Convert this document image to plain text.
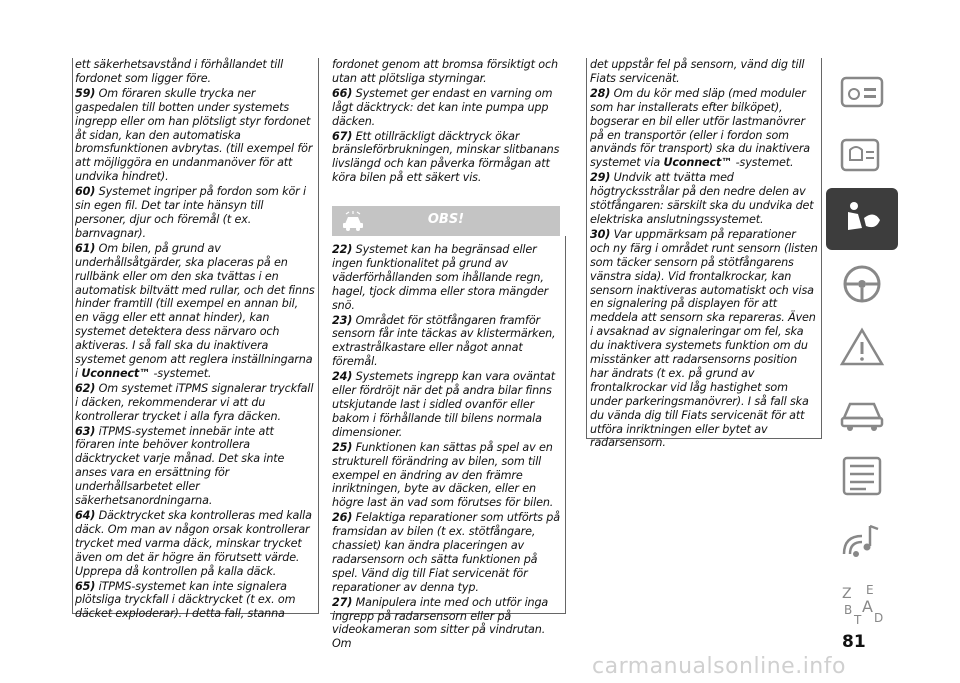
ett säkerhetsavstånd i förhållandet till fordonet som ligger före.

59) Om föraren skulle trycka ner gaspedalen till botten under systemets ingrepp eller om han plötsligt styr fordonet åt sidan, kan den automatiska bromsfunktionen avbrytas. (till exempel för att möjliggöra en undanmanöver för att undvika hindret).

60) Systemet ingriper på fordon som kör i sin egen fil. Det tar inte hänsyn till personer, djur och föremål (t ex. barnvagnar).

61) Om bilen, på grund av underhållsåtgärder, ska placeras på en rullbänk eller om den ska tvättas i en automatisk biltvätt med rullar, och det finns hinder framtill (till exempel en annan bil, en vägg eller ett annat hinder), kan systemet detektera dess närvaro och aktiveras. I så fall ska du inaktivera systemet genom att reglera inställningarna i Uconnect™ -systemet.

62) Om systemet iTPMS signalerar tryckfall i däcken, rekommenderar vi att du kontrollerar trycket i alla fyra däcken.

63) iTPMS-systemet innebär inte att föraren inte behöver kontrollera däcktrycket varje månad. Det ska inte anses vara en ersättning för underhållsarbetet eller säkerhetsanordningarna.

64) Däcktrycket ska kontrolleras med kalla däck. Om man av någon orsak kontrollerar trycket med varma däck, minskar trycket även om det är högre än förutsett värde. Upprepa då kontrollen på kalla däck.

65) iTPMS-systemet kan inte signalera plötsliga tryckfall i däcktrycket (t ex. om däcket exploderar). I detta fall, stanna

fordonet genom att bromsa försiktigt och utan att plötsliga styrningar.

66) Systemet ger endast en varning om lågt däcktryck: det kan inte pumpa upp däcken.

67) Ett otillräckligt däcktryck ökar bränsleförbrukningen, minskar slitbanans livslängd och kan påverka förmågan att köra bilen på ett säkert vis.

OBS!

22) Systemet kan ha begränsad eller ingen funktionalitet på grund av väderförhållanden som ihållande regn, hagel, tjock dimma eller stora mängder snö.

23) Området för stötfångaren framför sensorn får inte täckas av klistermärken, extrastrålkastare eller något annat föremål.

24) Systemets ingrepp kan vara oväntat eller fördröjt när det på andra bilar finns utskjutande last i sidled ovanför eller bakom i förhållande till bilens normala dimensioner.

25) Funktionen kan sättas på spel av en strukturell förändring av bilen, som till exempel en ändring av den främre inriktningen, byte av däcken, eller en högre last än vad som förutses för bilen.

26) Felaktiga reparationer som utförts på framsidan av bilen (t ex. stötfångare, chassiet) kan ändra placeringen av radarsensorn och sätta funktionen på spel. Vänd dig till Fiat servicenät för reparationer av denna typ.

27) Manipulera inte med och utför inga ingrepp på radarsensorn eller på videokameran som sitter på vindrutan. Om

det uppstår fel på sensorn, vänd dig till Fiats servicenät.

28) Om du kör med släp (med moduler som har installerats efter bilköpet), bogserar en bil eller utför lastmanövrer på en transportör (eller i fordon som används för transport) ska du inaktivera systemet via Uconnect™ -systemet.

29) Undvik att tvätta med högtrycksstrålar på den nedre delen av stötfångaren: särskilt ska du undvika det elektriska anslutningssystemet.

30) Var uppmärksam på reparationer och ny färg i området runt sensorn (listen som täcker sensorn på stötfångarens vänstra sida). Vid frontalkrockar, kan sensorn inaktiveras automatiskt och visa en signalering på displayen för att meddela att sensorn ska repareras. Även i avsaknad av signaleringar om fel, ska du inaktivera systemets funktion om du misstänker att radarsensorns position har ändrats (t ex. på grund av frontalkrockar vid låg hastighet som under parkeringsmanövrer). I så fall ska du vända dig till Fiats servicenät för att utföra inriktningen eller bytet av radarsensorn.

Z E
B A
T D
81
carmanualsonline.info
